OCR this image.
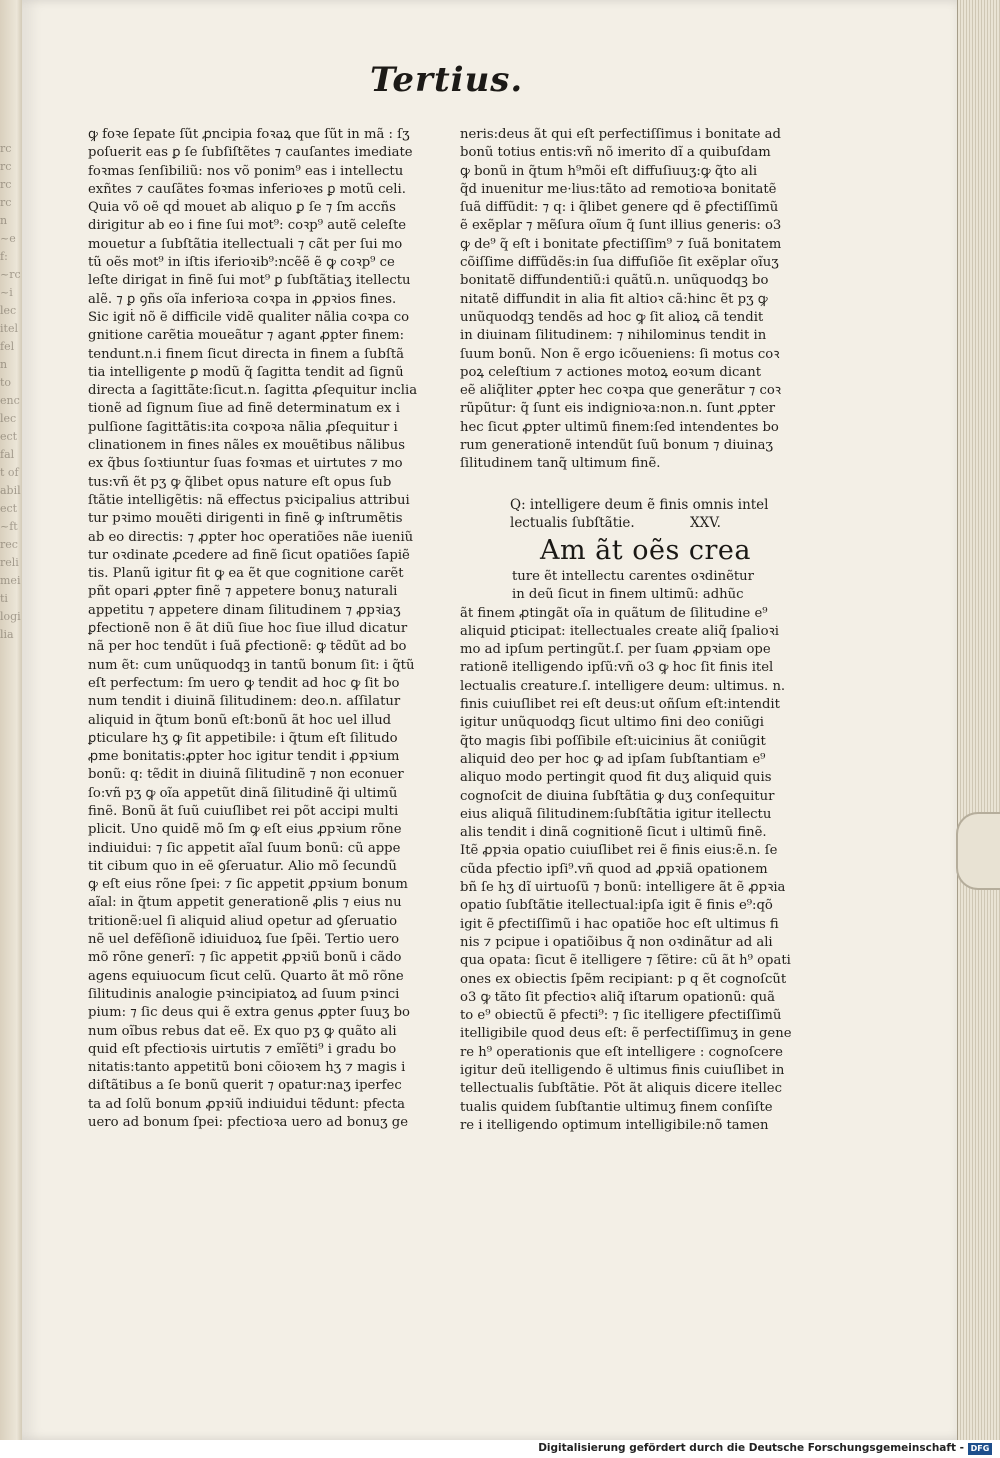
rc
rc
rc
rc
n
~e
f:
~rc
~i
lec
itel
fel
n
to
enc
lec
ect
fal
t of
abil
ect
~ft
rec
reli
mei
ti
logi
lia
Tertius.
ꝙ foꝛe ſepate ſũt ꝓncipia foꝛaꝝ que ſũt in mã : ſʒ
poſuerit eas ꝑ ſe ſubſiſtẽtes ⁊ cauſantes imediate
foꝛmas ſenſibiliũ: nos võ ponim⁹ eas i intellectu
exñtes ⁊ cauſãtes foꝛmas inferioꝛes ꝑ motũ celi.
Quia võ oẽ qḋ mouet ab aliquo ꝑ ſe ⁊ ſm accñs
dirigitur ab eo i fine ſui mot⁹: coꝛp⁹ autẽ celeſte
mouetur a ſubſtãtia itellectuali ⁊ cãt per ſui mo
tũ oẽs mot⁹ in iſtis iferioꝛib⁹:ncẽẽ ẽ ꝙ coꝛp⁹ ce
leſte dirigat in finẽ ſui mot⁹ ꝑ ſubſtãtiaʒ itellectu
alẽ. ⁊ ꝑ ꝯñs oĩa inferioꝛa coꝛpa in ꝓpꝛios fines.
Sic igiṫ nõ ẽ difficile vidẽ qualiter nãlia coꝛpa co
gnitione carẽtia moueãtur ⁊ agant ꝓpter finem:
tendunt.n.i finem ſicut directa in finem a ſubſtã
tia intelligente ꝑ modũ q̃ ſagitta tendit ad ſignũ
directa a ſagittãte:ſicut.n. ſagitta ꝓſequitur inclia
tionẽ ad ſignum ſiue ad finẽ determinatum ex i
pulſione ſagittãtis:ita coꝛpoꝛa nãlia ꝓſequitur i
clinationem in fines nãles ex mouẽtibus nãlibus
ex q̃bus ſoꝛtiuntur ſuas foꝛmas et uirtutes ⁊ mo
tus:vñ ẽt pʒ ꝙ q̃libet opus nature eſt opus ſub
ſtãtie intelligẽtis: nã effectus pꝛicipalius attribui
tur pꝛimo mouẽti dirigenti in finẽ ꝙ inſtrumẽtis
ab eo directis: ⁊ ꝓpter hoc operatiões nãe iueniũ
tur oꝛdinate ꝓcedere ad finẽ ſicut opatiões ſapiẽ
tis. Planũ igitur fit ꝙ ea ẽt que cognitione carẽt
pñt opari ꝓpter finẽ ⁊ appetere bonuʒ naturali
appetitu ⁊ appetere dinam ſilitudinem ⁊ ꝓpꝛiaʒ
ꝑfectionẽ non ẽ ãt diũ ſiue hoc ſiue illud dicatur
nã per hoc tendũt i ſuã ꝑfectionẽ: ꝙ tẽdũt ad bo
num ẽt: cum unũquodqꝫ in tantũ bonum ſit: i q̃tũ
eſt perfectum: ſm uero ꝙ tendit ad hoc ꝙ ſit bo
num tendit i diuinã ſilitudinem: deo.n. aſſilatur
aliquid in q̃tum bonũ eſt:bonũ ãt hoc uel illud
ꝑticulare hʒ ꝙ ſit appetibile: i q̃tum eſt ſilitudo
ꝓme bonitatis:ꝓpter hoc igitur tendit i ꝓpꝛium
bonũ: q: tẽdit in diuinã ſilitudinẽ ⁊ non econuer
ſo:vñ pʒ ꝙ oĩa appetũt dinã ſilitudinẽ q̃i ultimũ
finẽ. Bonũ ãt ſuũ cuiuſlibet rei põt accipi multi
plicit. Uno quidẽ mõ ſm ꝙ eſt eius ꝓpꝛium rõne
indiuidui: ⁊ ſic appetit aĩal ſuum bonũ: cũ appe
tit cibum quo in eẽ ꝯſeruatur. Alio mõ ſecundũ
ꝙ eſt eius rõne ſpei: ⁊ ſic appetit ꝓpꝛium bonum
aĩal: in q̃tum appetit generationẽ ꝓlis ⁊ eius nu
tritionẽ:uel ſi aliquid aliud opetur ad ꝯſeruatio
nẽ uel defẽſionẽ idiuiduoꝝ ſue ſpẽi. Tertio uero
mõ rõne generĩ: ⁊ ſic appetit ꝓpꝛiũ bonũ i cãdo
agens equiuocum ſicut celũ. Quarto ãt mõ rõne
ſilitudinis analogie pꝛincipiatoꝝ ad ſuum pꝛinci
pium: ⁊ ſic deus qui ẽ extra genus ꝓpter ſuuʒ bo
num oĩbus rebus dat eẽ. Ex quo pʒ ꝙ quãto ali
quid eſt pfectioꝛis uirtutis ⁊ emĩẽti⁹ i gradu bo
nitatis:tanto appetitũ boni cõioꝛem hʒ ⁊ magis i
diſtãtibus a ſe bonũ querit ⁊ opatur:naʒ iperfec
ta ad ſolũ bonum ꝓpꝛiũ indiuidui tẽdunt: pfecta
uero ad bonum ſpei: pfectioꝛa uero ad bonuʒ ge
neris:deus ãt qui eſt perfectiſſimus i bonitate ad
bonũ totius entis:vñ nõ imerito dĩ a quibuſdam
ꝙ bonũ in q̃tum h⁹mõi eſt diffuſiuuʒ:ꝙ q̃to ali
q̃d inuenitur me·lius:tãto ad remotioꝛa bonitatẽ
ſuã diffũdit: ⁊ q: i q̃libet genere qḋ ẽ ꝑfectiſſimũ
ẽ exẽplar ⁊ mẽſura oĩum q̃ ſunt illius generis: o3
ꝙ de⁹ q̃ eſt i bonitate ꝑfectiſſim⁹ ⁊ ſuã bonitatem
cõiſſime diffũdẽs:in ſua diffuſiõe ſit exẽplar oĩuʒ
bonitatẽ diffundentiũ:i quãtũ.n. unũquodqꝫ bo
nitatẽ diffundit in alia fit altioꝛ cã:hinc ẽt pʒ ꝙ
unũquodqꝫ tendẽs ad hoc ꝙ ſit alioꝝ cã tendit
in diuinam ſilitudinem: ⁊ nihilominus tendit in
ſuum bonũ. Non ẽ ergo icõueniens: ſi motus coꝛ
poꝝ celeſtium ⁊ actiones motoꝝ eoꝛum dicant
eẽ aliq̃liter ꝓpter hec coꝛpa que generãtur ⁊ coꝛ
rũpũtur: q̃ ſunt eis indignioꝛa:non.n. ſunt ꝓpter
hec ſicut ꝓpter ultimũ finem:ſed intendentes bo
rum generationẽ intendũt ſuũ bonum ⁊ diuinaʒ
ſilitudinem tanq̃ ultimum finẽ.
Q: intelligere deum ẽ finis omnis intel
lectualis ſubſtãtie.	XXV.
Am ãt oẽs crea
ture ẽt intellectu carentes oꝛdinẽtur
in deũ ſicut in finem ultimũ: adhũc
ãt finem ꝓtingãt oĩa in quãtum de ſilitudine e⁹
aliquid ꝑticipat: itellectuales create aliq̃ ſpalioꝛi
mo ad ipſum pertingũt.ſ. per ſuam ꝓpꝛiam ope
rationẽ itelligendo ipſũ:vñ o3 ꝙ hoc ſit finis itel
lectualis creature.ſ. intelligere deum: ultimus. n.
finis cuiuſlibet rei eſt deus:ut oñſum eſt:intendit
igitur unũquodqꝫ ſicut ultimo fini deo coniũgi
q̃to magis ſibi poſſibile eſt:uicinius ãt coniũgit
aliquid deo per hoc ꝙ ad ipſam ſubſtantiam e⁹
aliquo modo pertingit quod fit duʒ aliquid quis
cognoſcit de diuina ſubſtãtia ꝙ duʒ conſequitur
eius aliquã ſilitudinem:ſubſtãtia igitur itellectu
alis tendit i dinã cognitionẽ ſicut i ultimũ finẽ.
Itẽ ꝓpꝛia opatio cuiuſlibet rei ẽ finis eius:ẽ.n. ſe
cũda pfectio ipſi⁹.vñ quod ad ꝓpꝛiã opationem
bñ ſe hʒ dĩ uirtuoſũ ⁊ bonũ: intelligere ãt ẽ ꝓpꝛia
opatio ſubſtãtie itellectual:ipſa igit ẽ finis e⁹:qõ
igit ẽ ꝑfectiſſimũ i hac opatiõe hoc eſt ultimus fi
nis ⁊ pcipue i opatiõibus q̃ non oꝛdinãtur ad ali
qua opata: ſicut ẽ itelligere ⁊ ſẽtire: cũ ãt h⁹ opati
ones ex obiectis ſpẽm recipiant: p q ẽt cognoſcũt
o3 ꝙ tãto ſit pfectioꝛ aliq̃ iſtarum opationũ: quã
to e⁹ obiectũ ẽ pfecti⁹: ⁊ ſic itelligere ꝑfectiſſimũ
itelligibile quod deus eſt: ẽ perfectiſſimuʒ in gene
re h⁹ operationis que eſt intelligere : cognoſcere
igitur deũ itelligendo ẽ ultimus finis cuiuſlibet in
tellectualis ſubſtãtie. Põt ãt aliquis dicere itellec
tualis quidem ſubſtantie ultimuʒ finem conſiſte
re i itelligendo optimum intelligibile:nõ tamen
Digitalisierung gefördert durch die Deutsche Forschungsgemeinschaft - DFG
